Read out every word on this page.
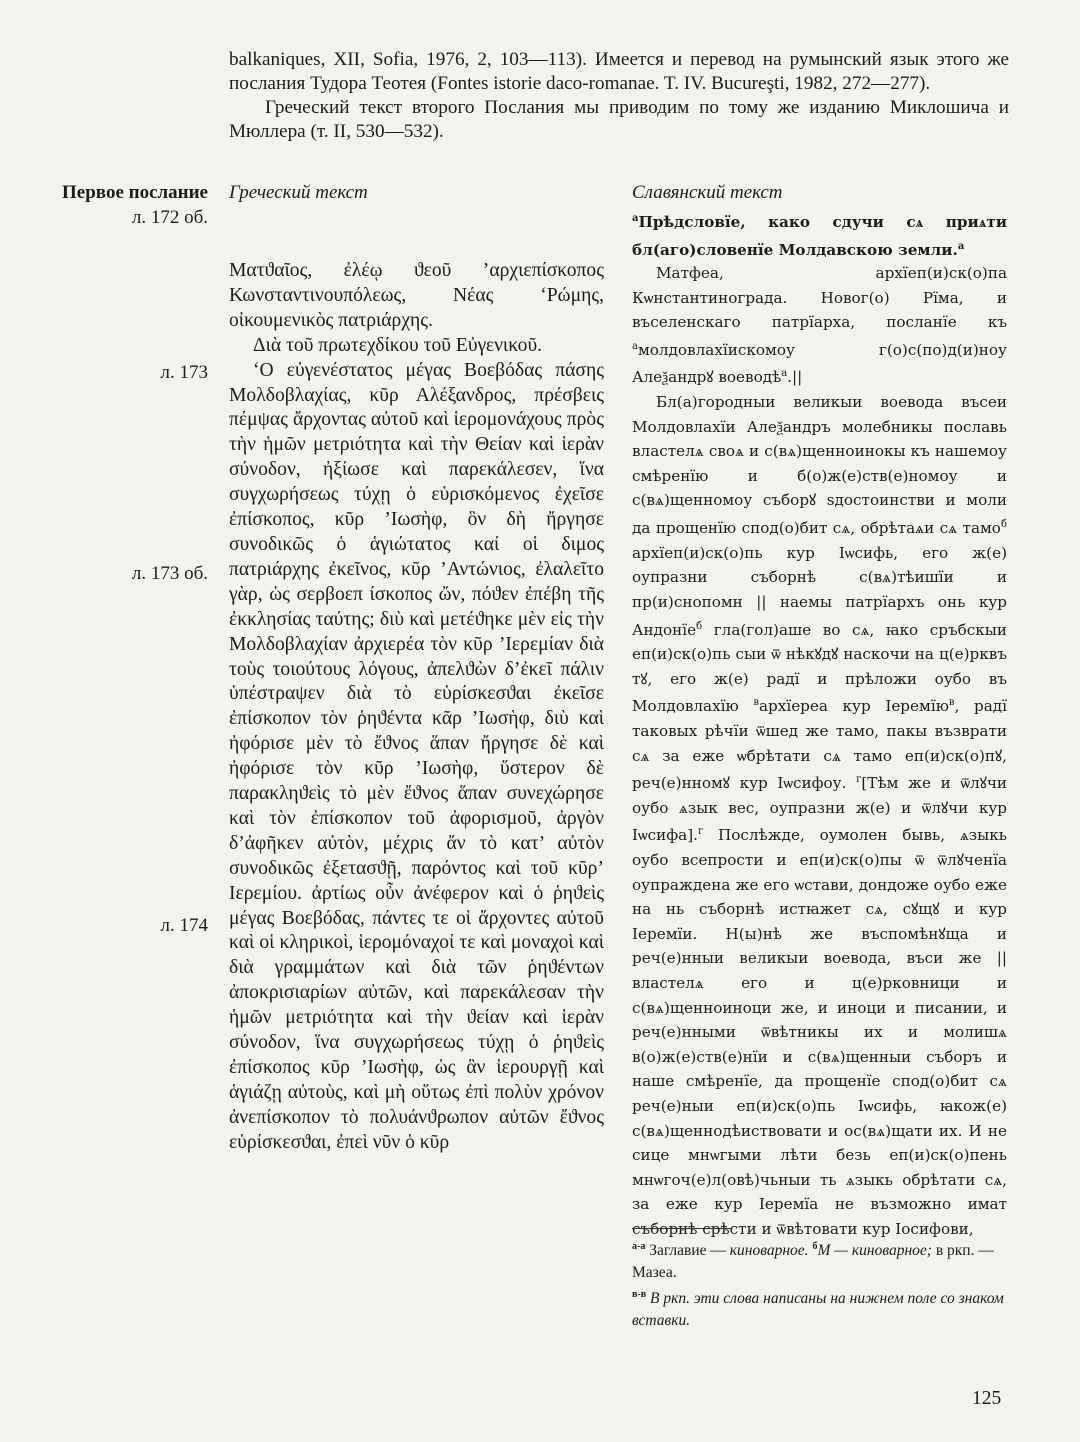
balkaniques, XII, Sofia, 1976, 2, 103—113). Имеется и перевод на румынский язык этого же послания Тудора Теотея (Fontes istorie daco-romanae. T. IV. Bucureşti, 1982, 272—277).

Греческий текст второго Послания мы приводим по тому же изданию Миклошича и Мюллера (т. II, 530—532).

Первое послание
л. 172 об.
л. 173
л. 173 об.
л. 174
Греческий текст	Славянский текст

Ματϑαῖος, ἐλέῳ ϑεοῦ ’αρχιεπίσκοπος Κωνσταντινουπόλεως, Νέας ‘Ρώμης, οἰκουμενικὸς πατριάρχης.

Διὰ τοῦ πρωτεχδίκου τοῦ Εὐγενικοῦ.

‘Ο εὐγενέστατος μέγας Βοεβόδας πάσης Μολδοβλαχίας, κῦρ Αλέξανδρος, πρέσβεις πέμψας ἄρχοντας αὐτοῦ καὶ ἱερομονάχους πρὸς τὴν ἡμῶν μετριότητα καὶ τὴν Θείαν καὶ ἱερὰν σύνοδον, ἠξίωσε καὶ παρεκάλεσεν, ἵνα συγχωρήσεως τύχῃ ὁ εὑρισκόμενος ἐχεῖσε ἐπίσκοπος, κῦρ ’Ιωσὴφ, ὃν δὴ ἤργησε συνοδικῶς ὁ ἁγιώτατος καί οἱ διμος πατριάρχης ἐκεῖνος, κῦρ ’Αντώνιος, ἐλαλεῖτο γὰρ, ὡς σερβοεπ ίσκοπος ὤν, πόϑεν ἐπέβη τῆς ἐκκλησίας ταύτης; διὺ καὶ μετέϑηκε μὲν εἰς τὴν Μολδοβλαχίαν ἀρχιερέα τὸν κῦρ ’Ιερεμίαν διὰ τοὺς τοιούτους λόγους, ἀπελϑὼν δ’ἐκεῖ πάλιν ὑπέστραψεν διὰ τὸ εὑρίσκεσϑαι ἐκεῖσε ἐπίσκοπον τὸν ῥηϑέντα κᾶρ ’Ιωσὴφ, διὺ καὶ ἠφόρισε μὲν τὸ ἔϑνος ἅπαν ἤργησε δὲ καὶ ἠφόρισε τὸν κῦρ ’Ιωσὴφ, ὕστερον δὲ παρακληϑεὶς τὸ μὲν ἔϑνος ἅπαν συνεχώρησε καὶ τὸν ἐπίσκοπον τοῦ ἀφορισμοῦ, ἀργὸν δ’ἀφῆκεν αὐτὸν, μέχρις ἄν τὸ κατ’ αὐτὸν συνοδικῶς ἐξετασϑῇ, παρόντος καὶ τοῦ κῦρ’ Ιερεμίου. ἀρτίως οὖν ἀνέφερον καὶ ὁ ῥηϑεὶς μέγας Βοεβόδας, πάντες τε οἱ ἄρχοντες αὐτοῦ καὶ οἱ κληρικοὶ, ἱερομόναχοί τε καὶ μοναχοὶ καὶ διὰ γραμμάτων καὶ διὰ τῶν ῥηϑέντων ἀποκρισιαρίων αὐτῶν, καὶ παρεκάλεσαν τὴν ἡμῶν μετριότητα καὶ τὴν ϑείαν καὶ ἱερὰν σύνοδον, ἵνα συγχωρήσεως τύχῃ ὁ ῥηϑεὶς ἐπίσκοπος κῦρ ’Ιωσὴφ, ὡς ἂν ἱερουργῇ καὶ ἁγιάζῃ αὐτοὺς, καὶ μὴ οὕτως ἐπὶ πολὺν χρόνον ἀνεπίσκοπον τὸ πολυάνϑρωπον αὐτῶν ἔϑνος εὑρίσκεσϑαι, ἐπεὶ νῦν ὁ κῦρ

$^а$Прѣдсловїе, како сдучи сѧ приѧти бл(аго)словенїе Молдавскою земли.$^а$

Матфеа, архїеп(и)ск(о)па Кѡнстантинограда. Новог(о) Рїма, и въселенскаго патрїарха, посланїе къ $^а$молдовлахїискомоу г(о)с(по)д(и)ноу Алеѯандрꙋ воеводѣ$^а$.||

Бл(а)городныи великыи воевода въсеи Молдовлахїи Алеѯандръ молебникы пославь властелѧ своѧ и с(вѧ)щенноинокы къ нашемоу смѣренїю и б(о)ж(е)ств(е)номоу и с(вѧ)щенномоу съборꙋ ѕдостоинстви и моли да прощенїю спод(о)бит сѧ, обрѣтаѧи сѧ тамо$^б$ архїеп(и)ск(о)пь кур Iѡсифь, его ж(е) оупразни съборнѣ с(вѧ)тѣишїи и пр(и)снопомн || наемы патрїархъ онь кур Андонїе$^б$ гла(гол)аше во сѧ, ꙗко сръбскыи еп(и)ск(о)пь сыи ѿ нѣкꙋдꙋ наскочи на ц(е)рквъ тꙋ, его ж(е) радї и прѣложи оубо въ Молдовлахїю $^в$архїереа кур Iеремїю$^в$, радї таковых рѣчїи ѿшед же тамо, пакы възврати сѧ за еже ѡбрѣтати сѧ тамо еп(и)ск(о)пꙋ, реч(е)нномꙋ кур Iѡсифоу. $^г$[Тѣм же и ѿлꙋчи оубо ѧзык вес, оупразни ж(е) и ѿлꙋчи кур Iѡсифа].$^г$ Послѣжде, оумолен бывь, ѧзыкь оубо всепрости и еп(и)ск(о)пы ѿ ѿлꙋченїа оупраждена же его ѡстави, дондоже оубо еже на нь съборнѣ истꙗжет сѧ, сꙋщꙋ и кур Iеремїи. Н(ы)нѣ же въспомѣнꙋща и реч(е)нныи великыи воевода, въси же || властелѧ его и ц(е)рковници и с(вѧ)щенноиноци же, и иноци и писании, и реч(е)нными ѿвѣтникы их и молишѧ в(о)ж(е)ств(е)нїи и с(вѧ)щенныи съборъ и наше смѣренїе, да прощенїе спод(о)бит сѧ реч(е)ныи еп(и)ск(о)пь Iѡсифь, ꙗкож(е) с(вѧ)щеннодѣиствовати и ос(вѧ)щати их. И не сице мнѡгыми лѣти безь еп(и)ск(о)пень мнѡгоч(е)л(овѣ)чьныи ть ѧзыкь обрѣтати сѧ, за еже кур Iеремїа не възможно имат съборнѣ срѣсти и ѿвѣтовати кур Iосифови,

$^{а-а}$ Заглавие — киноварное. $^б$М — киноварное; в ркп. — Мазеа.

$^{в-в}$ В ркп. эти слова написаны на нижнем поле со знаком вставки.

125
